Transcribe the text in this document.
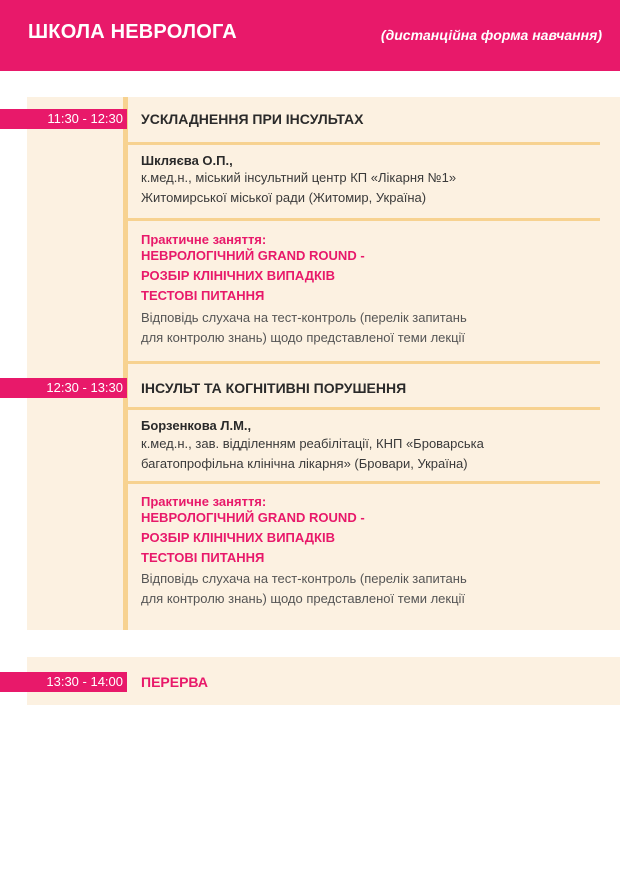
ШКОЛА НЕВРОЛОГА	(дистанційна форма навчання)
11:30 - 12:30 УСКЛАДНЕННЯ ПРИ ІНСУЛЬТАХ
Шкляєва О.П.,
к.мед.н., міський інсультний центр КП «Лікарня №1»
Житомирської міської ради (Житомир, Україна)
Практичне заняття:
НЕВРОЛОГІЧНИЙ GRAND ROUND -
РОЗБІР КЛІНІЧНИХ ВИПАДКІВ
ТЕСТОВІ ПИТАННЯ
Відповідь слухача на тест-контроль (перелік запитань
для контролю знань) щодо представленої теми лекції
12:30 - 13:30 ІНСУЛЬТ ТА КОГНІТИВНІ ПОРУШЕННЯ
Борзенкова Л.М.,
к.мед.н., зав. відділенням реабілітації, КНП «Броварська
багатопрофільна клінічна лікарня» (Бровари, Україна)
Практичне заняття:
НЕВРОЛОГІЧНИЙ GRAND ROUND -
РОЗБІР КЛІНІЧНИХ ВИПАДКІВ
ТЕСТОВІ ПИТАННЯ
Відповідь слухача на тест-контроль (перелік запитань
для контролю знань) щодо представленої теми лекції
13:30 - 14:00 ПЕРЕРВА
